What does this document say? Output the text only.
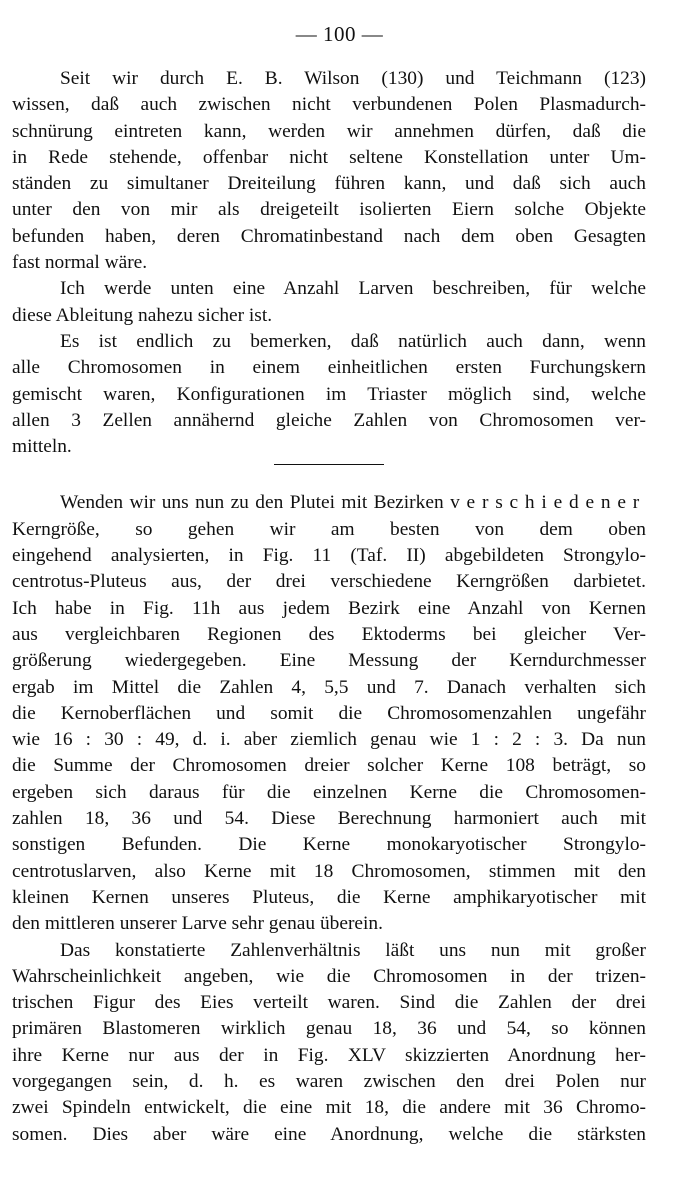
— 100 —
Seit wir durch E. B. Wilson (130) und Teichmann (123)
wissen, daß auch zwischen nicht verbundenen Polen Plasmadurch-
schnürung eintreten kann, werden wir annehmen dürfen, daß die
in Rede stehende, offenbar nicht seltene Konstellation unter Um-
ständen zu simultaner Dreiteilung führen kann, und daß sich auch
unter den von mir als dreigeteilt isolierten Eiern solche Objekte
befunden haben, deren Chromatinbestand nach dem oben Gesagten
fast normal wäre.
Ich werde unten eine Anzahl Larven beschreiben, für welche
diese Ableitung nahezu sicher ist.
Es ist endlich zu bemerken, daß natürlich auch dann, wenn
alle Chromosomen in einem einheitlichen ersten Furchungskern
gemischt waren, Konfigurationen im Triaster möglich sind, welche
allen 3 Zellen annähernd gleiche Zahlen von Chromosomen ver-
mitteln.
Wenden wir uns nun zu den Plutei mit Bezirken verschiedener
Kerngröße, so gehen wir am besten von dem oben
eingehend analysierten, in Fig. 11 (Taf. II) abgebildeten Strongylo-
centrotus-Pluteus aus, der drei verschiedene Kerngrößen darbietet.
Ich habe in Fig. 11h aus jedem Bezirk eine Anzahl von Kernen
aus vergleichbaren Regionen des Ektoderms bei gleicher Ver-
größerung wiedergegeben. Eine Messung der Kerndurchmesser
ergab im Mittel die Zahlen 4, 5,5 und 7. Danach verhalten sich
die Kernoberflächen und somit die Chromosomenzahlen ungefähr
wie 16 : 30 : 49, d. i. aber ziemlich genau wie 1 : 2 : 3. Da nun
die Summe der Chromosomen dreier solcher Kerne 108 beträgt, so
ergeben sich daraus für die einzelnen Kerne die Chromosomen-
zahlen 18, 36 und 54. Diese Berechnung harmoniert auch mit
sonstigen Befunden. Die Kerne monokaryotischer Strongylo-
centrotuslarven, also Kerne mit 18 Chromosomen, stimmen mit den
kleinen Kernen unseres Pluteus, die Kerne amphikaryotischer mit
den mittleren unserer Larve sehr genau überein.
Das konstatierte Zahlenverhältnis läßt uns nun mit großer
Wahrscheinlichkeit angeben, wie die Chromosomen in der trizen-
trischen Figur des Eies verteilt waren. Sind die Zahlen der drei
primären Blastomeren wirklich genau 18, 36 und 54, so können
ihre Kerne nur aus der in Fig. XLV skizzierten Anordnung her-
vorgegangen sein, d. h. es waren zwischen den drei Polen nur
zwei Spindeln entwickelt, die eine mit 18, die andere mit 36 Chromo-
somen. Dies aber wäre eine Anordnung, welche die stärksten
